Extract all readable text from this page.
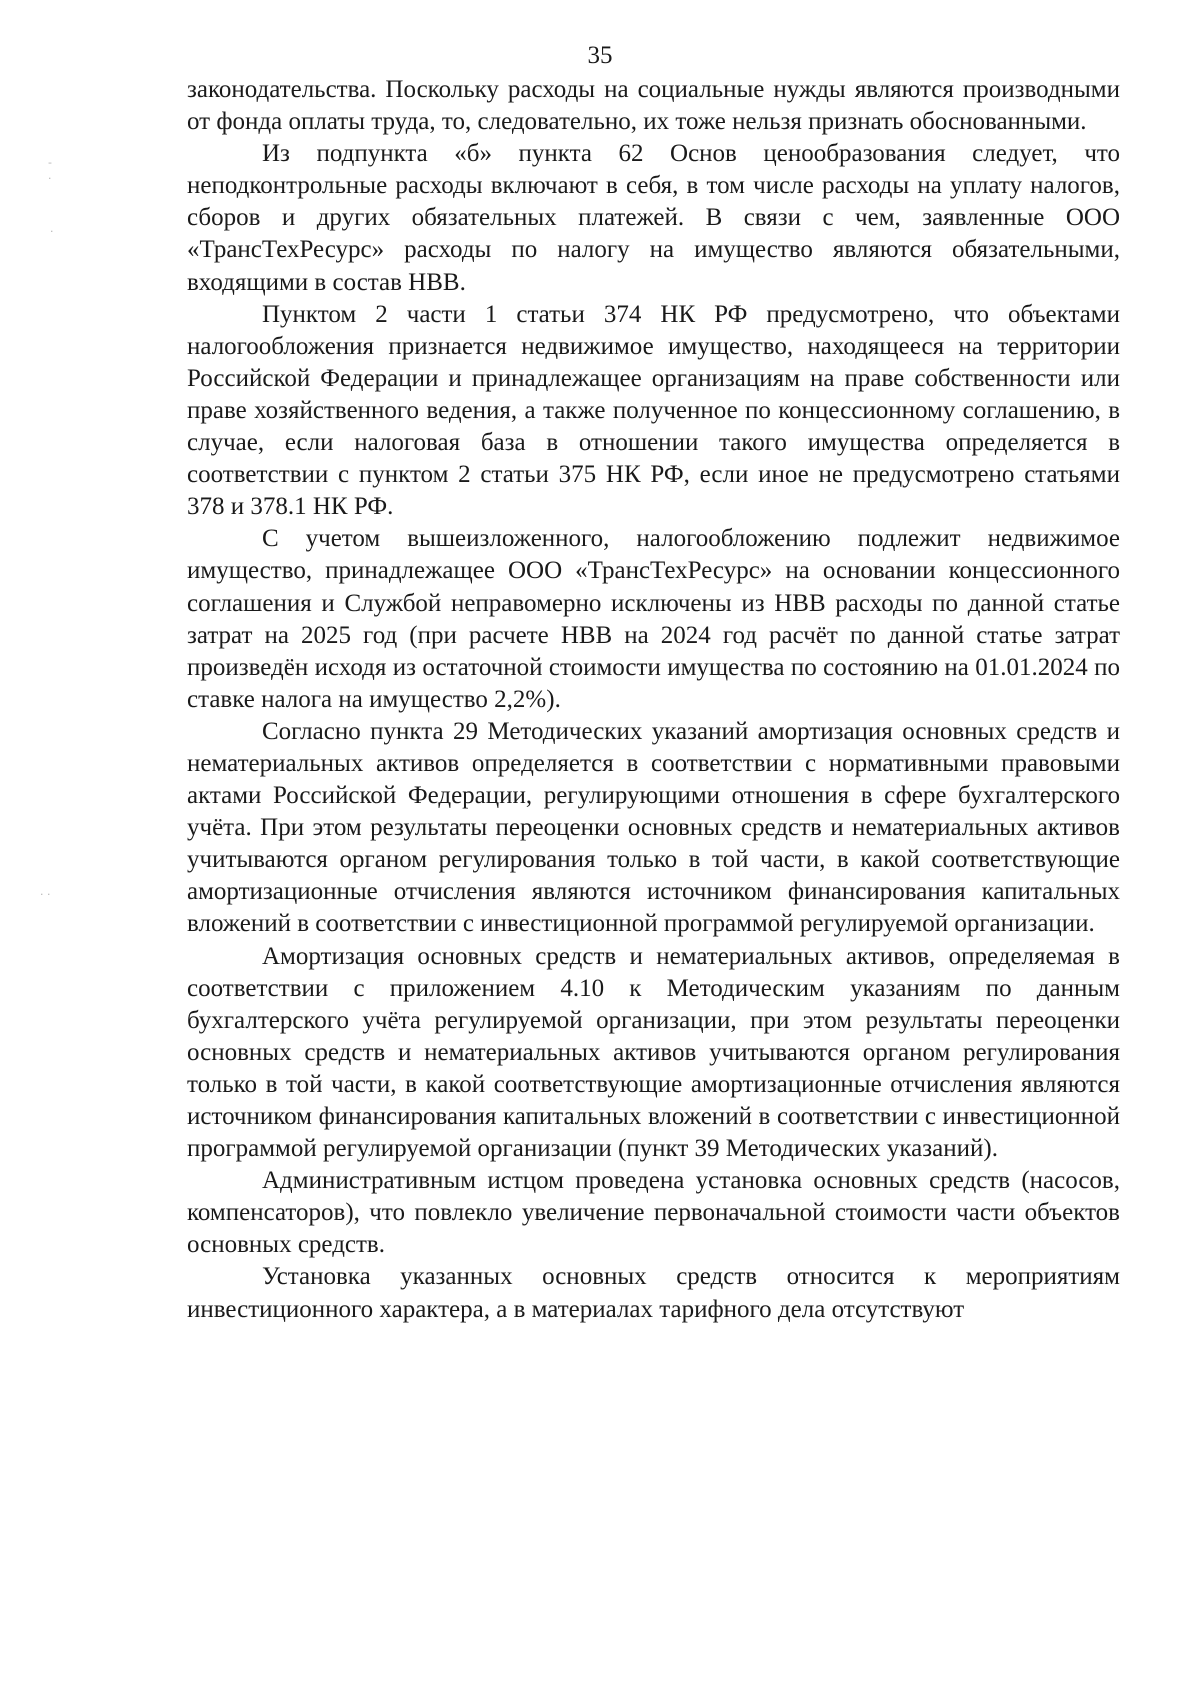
35
-
·
·
· ·

законодательства. Поскольку расходы на социальные нужды являются производными от фонда оплаты труда, то, следовательно, их тоже нельзя признать обоснованными.

Из подпункта «б» пункта 62 Основ ценообразования следует, что неподконтрольные расходы включают в себя, в том числе расходы на уплату налогов, сборов и других обязательных платежей. В связи с чем, заявленные ООО «ТрансТехРесурс» расходы по налогу на имущество являются обязательными, входящими в состав НВВ.

Пунктом 2 части 1 статьи 374 НК РФ предусмотрено, что объектами налогообложения признается недвижимое имущество, находящееся на территории Российской Федерации и принадлежащее организациям на праве собственности или праве хозяйственного ведения, а также полученное по концессионному соглашению, в случае, если налоговая база в отношении такого имущества определяется в соответствии с пунктом 2 статьи 375 НК РФ, если иное не предусмотрено статьями 378 и 378.1 НК РФ.

С учетом вышеизложенного, налогообложению подлежит недвижимое имущество, принадлежащее ООО «ТрансТехРесурс» на основании концессионного соглашения и Службой неправомерно исключены из НВВ расходы по данной статье затрат на 2025 год (при расчете НВВ на 2024 год расчёт по данной статье затрат произведён исходя из остаточной стоимости имущества по состоянию на 01.01.2024 по ставке налога на имущество 2,2%).

Согласно пункта 29 Методических указаний амортизация основных средств и нематериальных активов определяется в соответствии с нормативными правовыми актами Российской Федерации, регулирующими отношения в сфере бухгалтерского учёта. При этом результаты переоценки основных средств и нематериальных активов учитываются органом регулирования только в той части, в какой соответствующие амортизационные отчисления являются источником финансирования капитальных вложений в соответствии с инвестиционной программой регулируемой организации.

Амортизация основных средств и нематериальных активов, определяемая в соответствии с приложением 4.10 к Методическим указаниям по данным бухгалтерского учёта регулируемой организации, при этом результаты переоценки основных средств и нематериальных активов учитываются органом регулирования только в той части, в какой соответствующие амортизационные отчисления являются источником финансирования капитальных вложений в соответствии с инвестиционной программой регулируемой организации (пункт 39 Методических указаний).

Административным истцом проведена установка основных средств (насосов, компенсаторов), что повлекло увеличение первоначальной стоимости части объектов основных средств.

Установка указанных основных средств относится к мероприятиям инвестиционного характера, а в материалах тарифного дела отсутствуют
